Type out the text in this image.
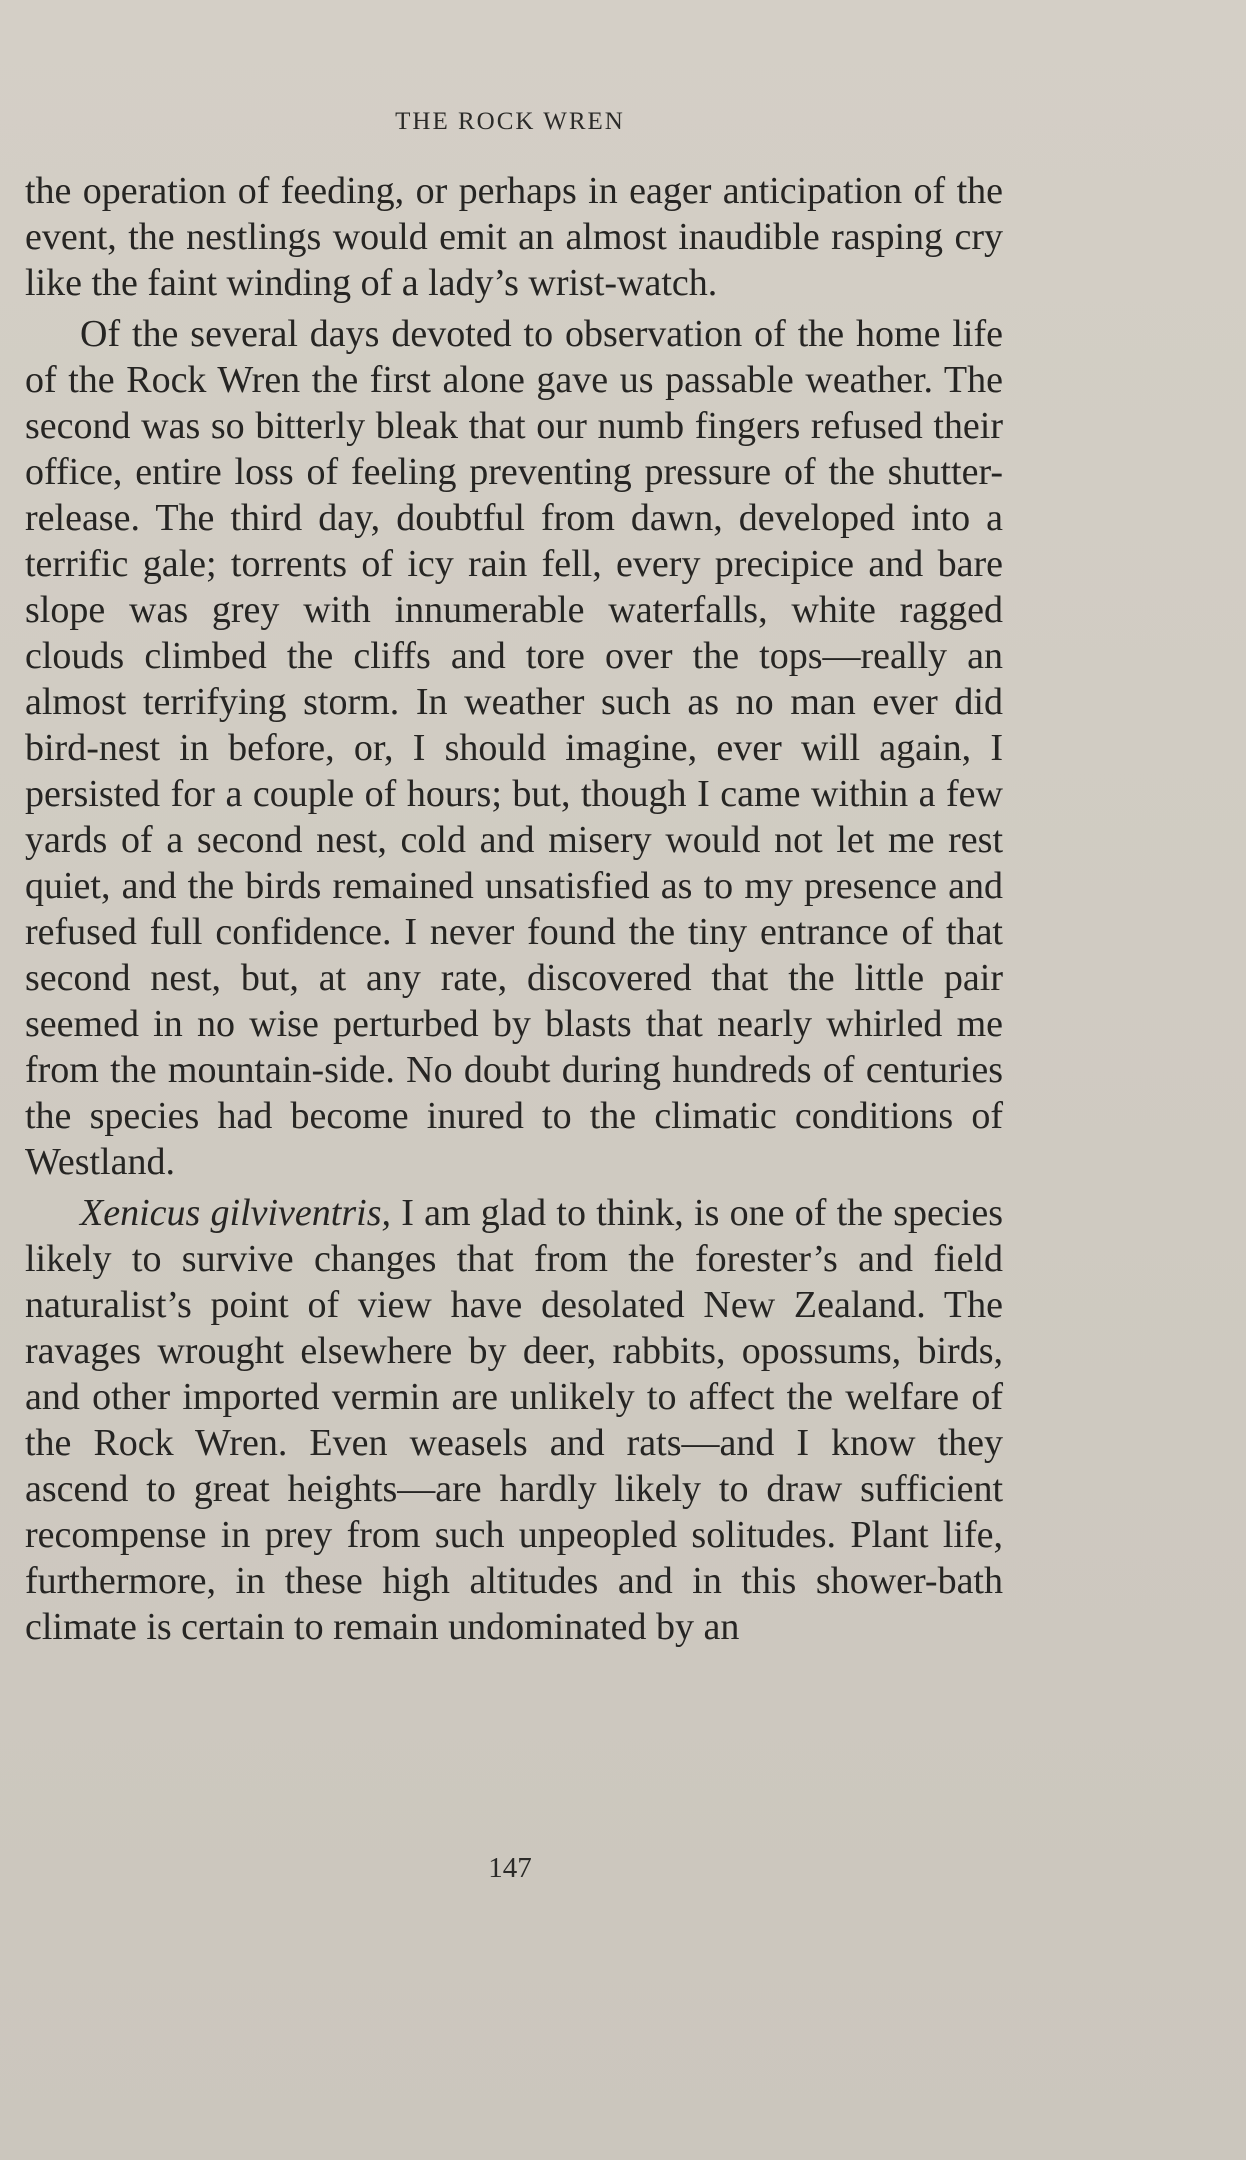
THE ROCK WREN

the operation of feeding, or perhaps in eager anticipation of the event, the nestlings would emit an almost inaudible rasping cry like the faint winding of a lady’s wrist-watch.

Of the several days devoted to observation of the home life of the Rock Wren the first alone gave us passable weather. The second was so bitterly bleak that our numb fingers refused their office, entire loss of feeling preventing pressure of the shutter-release. The third day, doubtful from dawn, developed into a terrific gale; torrents of icy rain fell, every precipice and bare slope was grey with innumerable waterfalls, white ragged clouds climbed the cliffs and tore over the tops—really an almost terrifying storm. In weather such as no man ever did bird-nest in before, or, I should imagine, ever will again, I persisted for a couple of hours; but, though I came within a few yards of a second nest, cold and misery would not let me rest quiet, and the birds remained unsatisfied as to my presence and refused full confidence. I never found the tiny entrance of that second nest, but, at any rate, discovered that the little pair seemed in no wise perturbed by blasts that nearly whirled me from the mountain-side. No doubt during hundreds of centuries the species had become inured to the climatic conditions of Westland.

Xenicus gilviventris, I am glad to think, is one of the species likely to survive changes that from the forester’s and field naturalist’s point of view have desolated New Zealand. The ravages wrought elsewhere by deer, rabbits, opossums, birds, and other imported vermin are unlikely to affect the welfare of the Rock Wren. Even weasels and rats—and I know they ascend to great heights—are hardly likely to draw sufficient recompense in prey from such unpeopled solitudes. Plant life, furthermore, in these high altitudes and in this shower-bath climate is certain to remain undominated by an

147
